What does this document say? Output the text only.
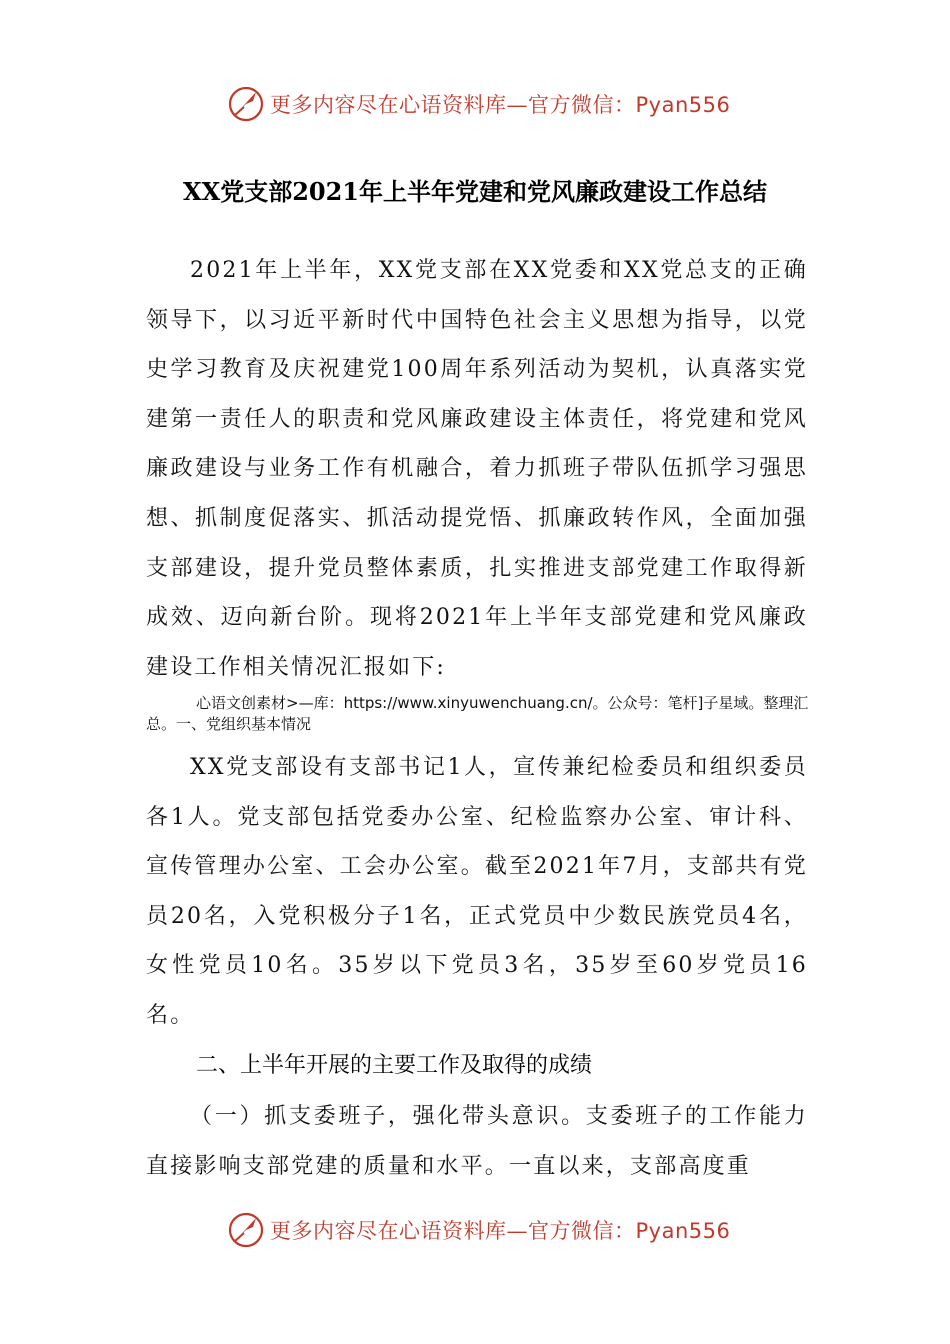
更多内容尽在心语资料库—官方微信：Pyan556
XX党支部2021年上半年党建和党风廉政建设工作总结
2021年上半年，XX党支部在XX党委和XX党总支的正确领导下，以习近平新时代中国特色社会主义思想为指导，以党史学习教育及庆祝建党100周年系列活动为契机，认真落实党建第一责任人的职责和党风廉政建设主体责任，将党建和党风廉政建设与业务工作有机融合，着力抓班子带队伍抓学习强思想、抓制度促落实、抓活动提党悟、抓廉政转作风，全面加强支部建设，提升党员整体素质，扎实推进支部党建工作取得新成效、迈向新台阶。现将2021年上半年支部党建和党风廉政建设工作相关情况汇报如下:
心语文创素材>—库：https://www.xinyuwenchuang.cn/。公众号：笔杆]子星域。整理汇总。一、党组织基本情况
XX党支部设有支部书记1人，宣传兼纪检委员和组织委员各1人。党支部包括党委办公室、纪检监察办公室、审计科、宣传管理办公室、工会办公室。截至2021年7月，支部共有党员20名，入党积极分子1名，正式党员中少数民族党员4名，女性党员10名。35岁以下党员3名，35岁至60岁党员16名。
二、上半年开展的主要工作及取得的成绩
（一）抓支委班子，强化带头意识。支委班子的工作能力直接影响支部党建的质量和水平。一直以来，支部高度重
更多内容尽在心语资料库—官方微信：Pyan556
